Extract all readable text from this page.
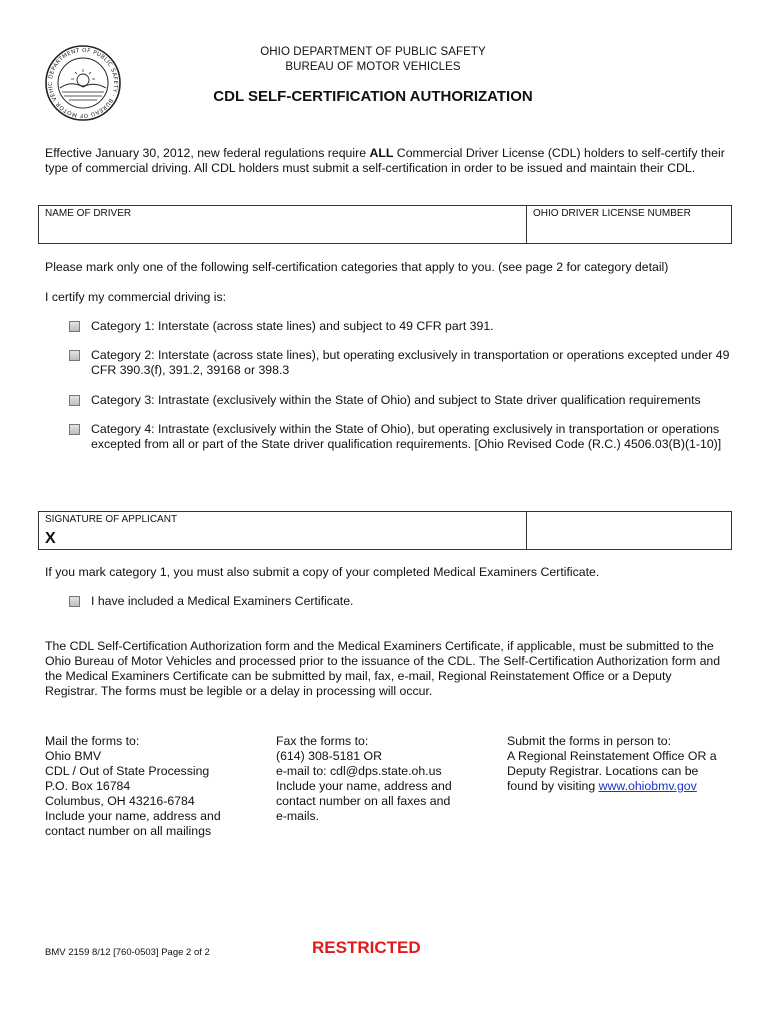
DEPARTMENT OF PUBLIC SAFETY · BUREAU OF MOTOR VEHIC
OHIO DEPARTMENT OF PUBLIC SAFETY
BUREAU OF MOTOR VEHICLES
CDL SELF-CERTIFICATION AUTHORIZATION
Effective January 30, 2012, new federal regulations require ALL Commercial Driver License (CDL) holders to self-certify their type of commercial driving. All CDL holders must submit a self-certification in order to be issued and maintain their CDL.
NAME OF DRIVER	OHIO DRIVER LICENSE NUMBER
Please mark only one of the following self-certification categories that apply to you. (see page 2 for category detail)
I certify my commercial driving is:
Category 1: Interstate (across state lines) and subject to 49 CFR part 391.
Category 2: Interstate (across state lines), but operating exclusively in transportation or operations excepted under 49 CFR 390.3(f), 391.2, 39168 or 398.3
Category 3: Intrastate (exclusively within the State of Ohio) and subject to State driver qualification requirements
Category 4: Intrastate (exclusively within the State of Ohio), but operating exclusively in transportation or operations excepted from all or part of the State driver qualification requirements. [Ohio Revised Code (R.C.) 4506.03(B)(1-10)]
SIGNATURE OF APPLICANT
X
If you mark category 1, you must also submit a copy of your completed Medical Examiners Certificate.
I have included a Medical Examiners Certificate.
The CDL Self-Certification Authorization form and the Medical Examiners Certificate, if applicable, must be submitted to the Ohio Bureau of Motor Vehicles and processed prior to the issuance of the CDL. The Self-Certification Authorization form and the Medical Examiners Certificate can be submitted by mail, fax, e-mail, Regional Reinstatement Office or a Deputy Registrar. The forms must be legible or a delay in processing will occur.
Mail the forms to:
Ohio BMV
CDL / Out of State Processing
P.O. Box 16784
Columbus, OH 43216-6784
Include your name, address and
contact number on all mailings
Fax the forms to:
(614) 308-5181 OR
e-mail to: cdl@dps.state.oh.us
Include your name, address and
contact number on all faxes and
e-mails.
Submit the forms in person to:
A Regional Reinstatement Office OR a
Deputy Registrar. Locations can be
found by visiting www.ohiobmv.gov
BMV 2159 8/12 [760-0503] Page 2 of 2	RESTRICTED
